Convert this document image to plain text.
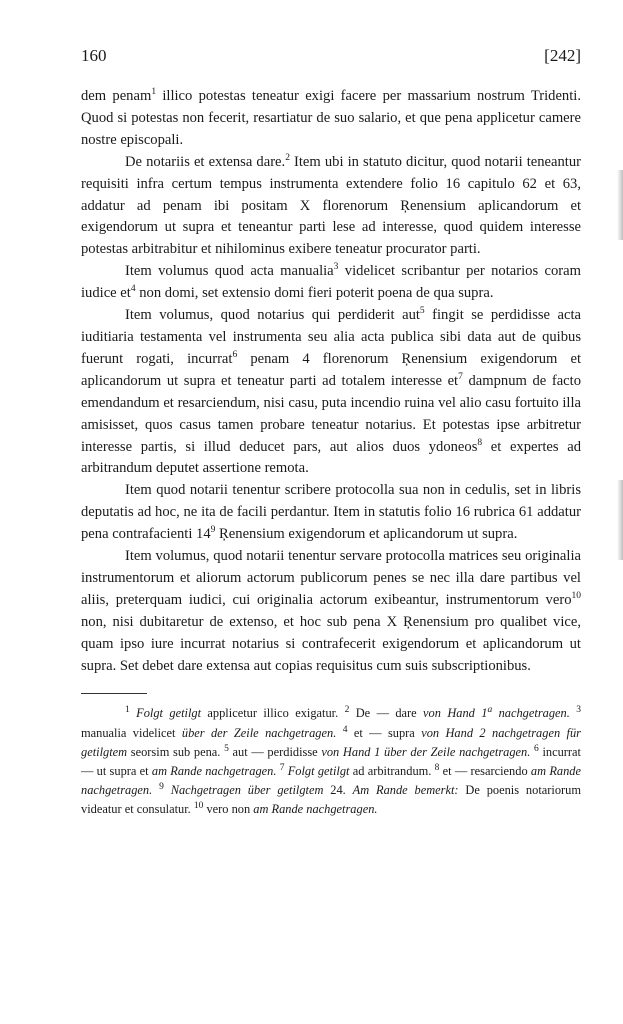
160	[242]

dem penam$^1$ illico potestas teneatur exigi facere per massarium nostrum Tridenti. Quod si potestas non fecerit, resartiatur de suo salario, et que pena applicetur camere nostre episcopali.

De notariis et extensa dare.$^2$ Item ubi in statuto dicitur, quod notarii teneantur requisiti infra certum tempus instrumenta extendere folio 16 capitulo 62 et 63, addatur ad penam ibi positam X florenorum Ŗenensium aplicandorum et exigendorum ut supra et teneantur parti lese ad interesse, quod quidem interesse potestas arbitrabitur et nihilominus exibere teneatur procurator parti.

Item volumus quod acta manualia$^3$ videlicet scribantur per notarios coram iudice $et^4$ non domi, set extensio domi fieri poterit poena de qua supra.

Item volumus, quod notarius qui perdiderit aut$^5$ fingit se perdidisse acta iuditiaria testamenta vel instrumenta seu alia acta publica sibi data aut de quibus fuerunt rogati, incurrat$^6$ penam 4 florenorum Ŗenensium exigendorum et aplicandorum ut supra et teneatur parti ad totalem interesse $et^7$ dampnum de facto emendandum et resarciendum, nisi casu, puta incendio ruina vel alio casu fortuito illa amisisset, quos casus tamen probare teneatur notarius. Et potestas ipse arbitretur interesse partis, si illud deducet pars, aut alios duos ydoneos$^8$ et expertes ad arbitrandum deputet assertione remota.

Item quod notarii tenentur scribere protocolla sua non in cedulis, set in libris deputatis ad hoc, ne ita de facili perdantur. Item in statutis folio 16 rubrica 61 addatur pena contrafacienti $14^9$ Ŗenensium exigendorum et aplicandorum ut supra.

Item volumus, quod notarii tenentur servare protocolla matrices seu originalia instrumentorum et aliorum actorum publicorum penes se nec illa dare partibus vel aliis, preterquam iudici, cui originalia actorum exibeantur, instrumentorum vero$^{10}$ non, nisi dubitaretur de extenso, et hoc sub pena X Ŗenensium pro qualibet vice, quam ipso iure incurrat notarius si contrafecerit exigendorum et aplicandorum ut supra. Set debet dare extensa aut copias requisitus cum suis subscriptionibus.

$^1$ Folgt getilgt applicetur illico exigatur. $^2$ De — dare von Hand 1$^a$ nachgetragen. $^3$ manualia videlicet über der Zeile nachgetragen. $^4$ et — supra von Hand 2 nachgetragen für getilgtem seorsim sub pena. $^5$ aut — perdidisse von Hand 1 über der Zeile nachgetragen. $^6$ incurrat — ut supra et am Rande nachgetragen. $^7$ Folgt getilgt ad arbitrandum. $^8$ et — resarciendo am Rande nachgetragen. $^9$ Nachgetragen über getilgtem 24. Am Rande bemerkt: De poenis notariorum videatur et consulatur. $^{10}$ vero non am Rande nachgetragen.
